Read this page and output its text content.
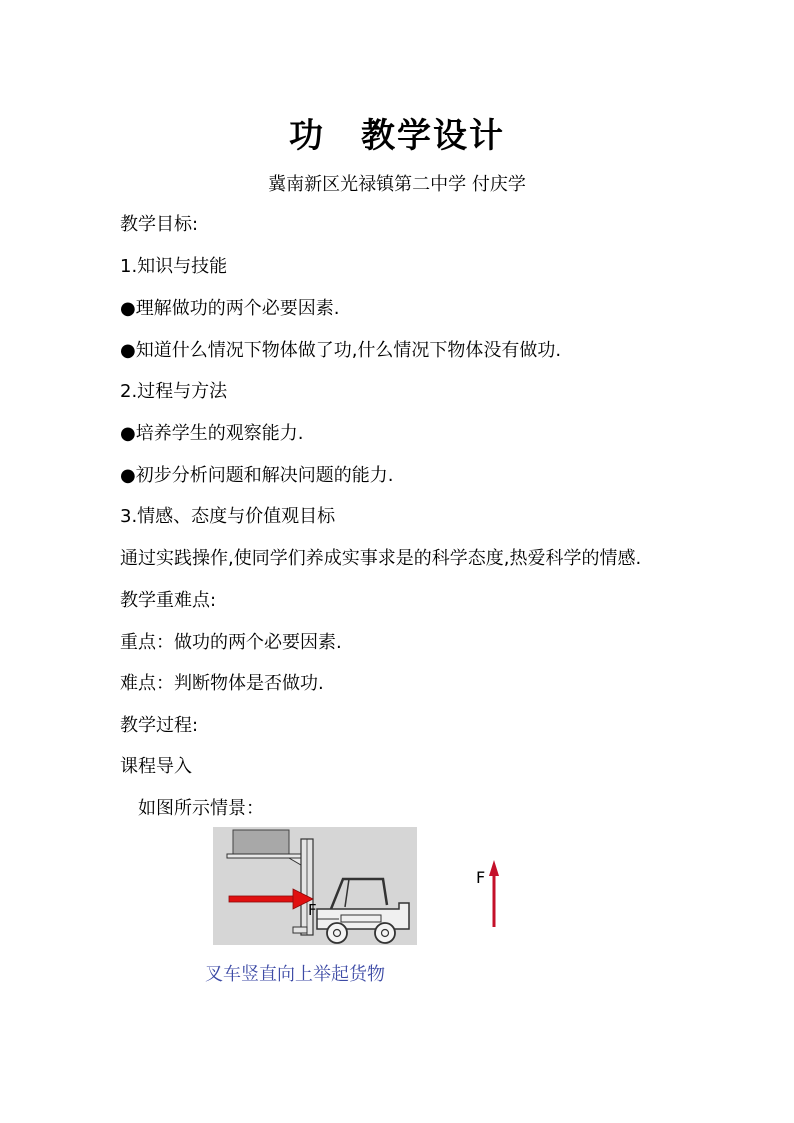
功　教学设计
冀南新区光禄镇第二中学 付庆学
教学目标:
1.知识与技能
●理解做功的两个必要因素.
●知道什么情况下物体做了功,什么情况下物体没有做功.
2.过程与方法
●培养学生的观察能力.
●初步分析问题和解决问题的能力.
3.情感、态度与价值观目标
通过实践操作,使同学们养成实事求是的科学态度,热爱科学的情感.
教学重难点:
重点：做功的两个必要因素.
难点：判断物体是否做功.
教学过程:
课程导入
如图所示情景：
F
F
叉车竖直向上举起货物
